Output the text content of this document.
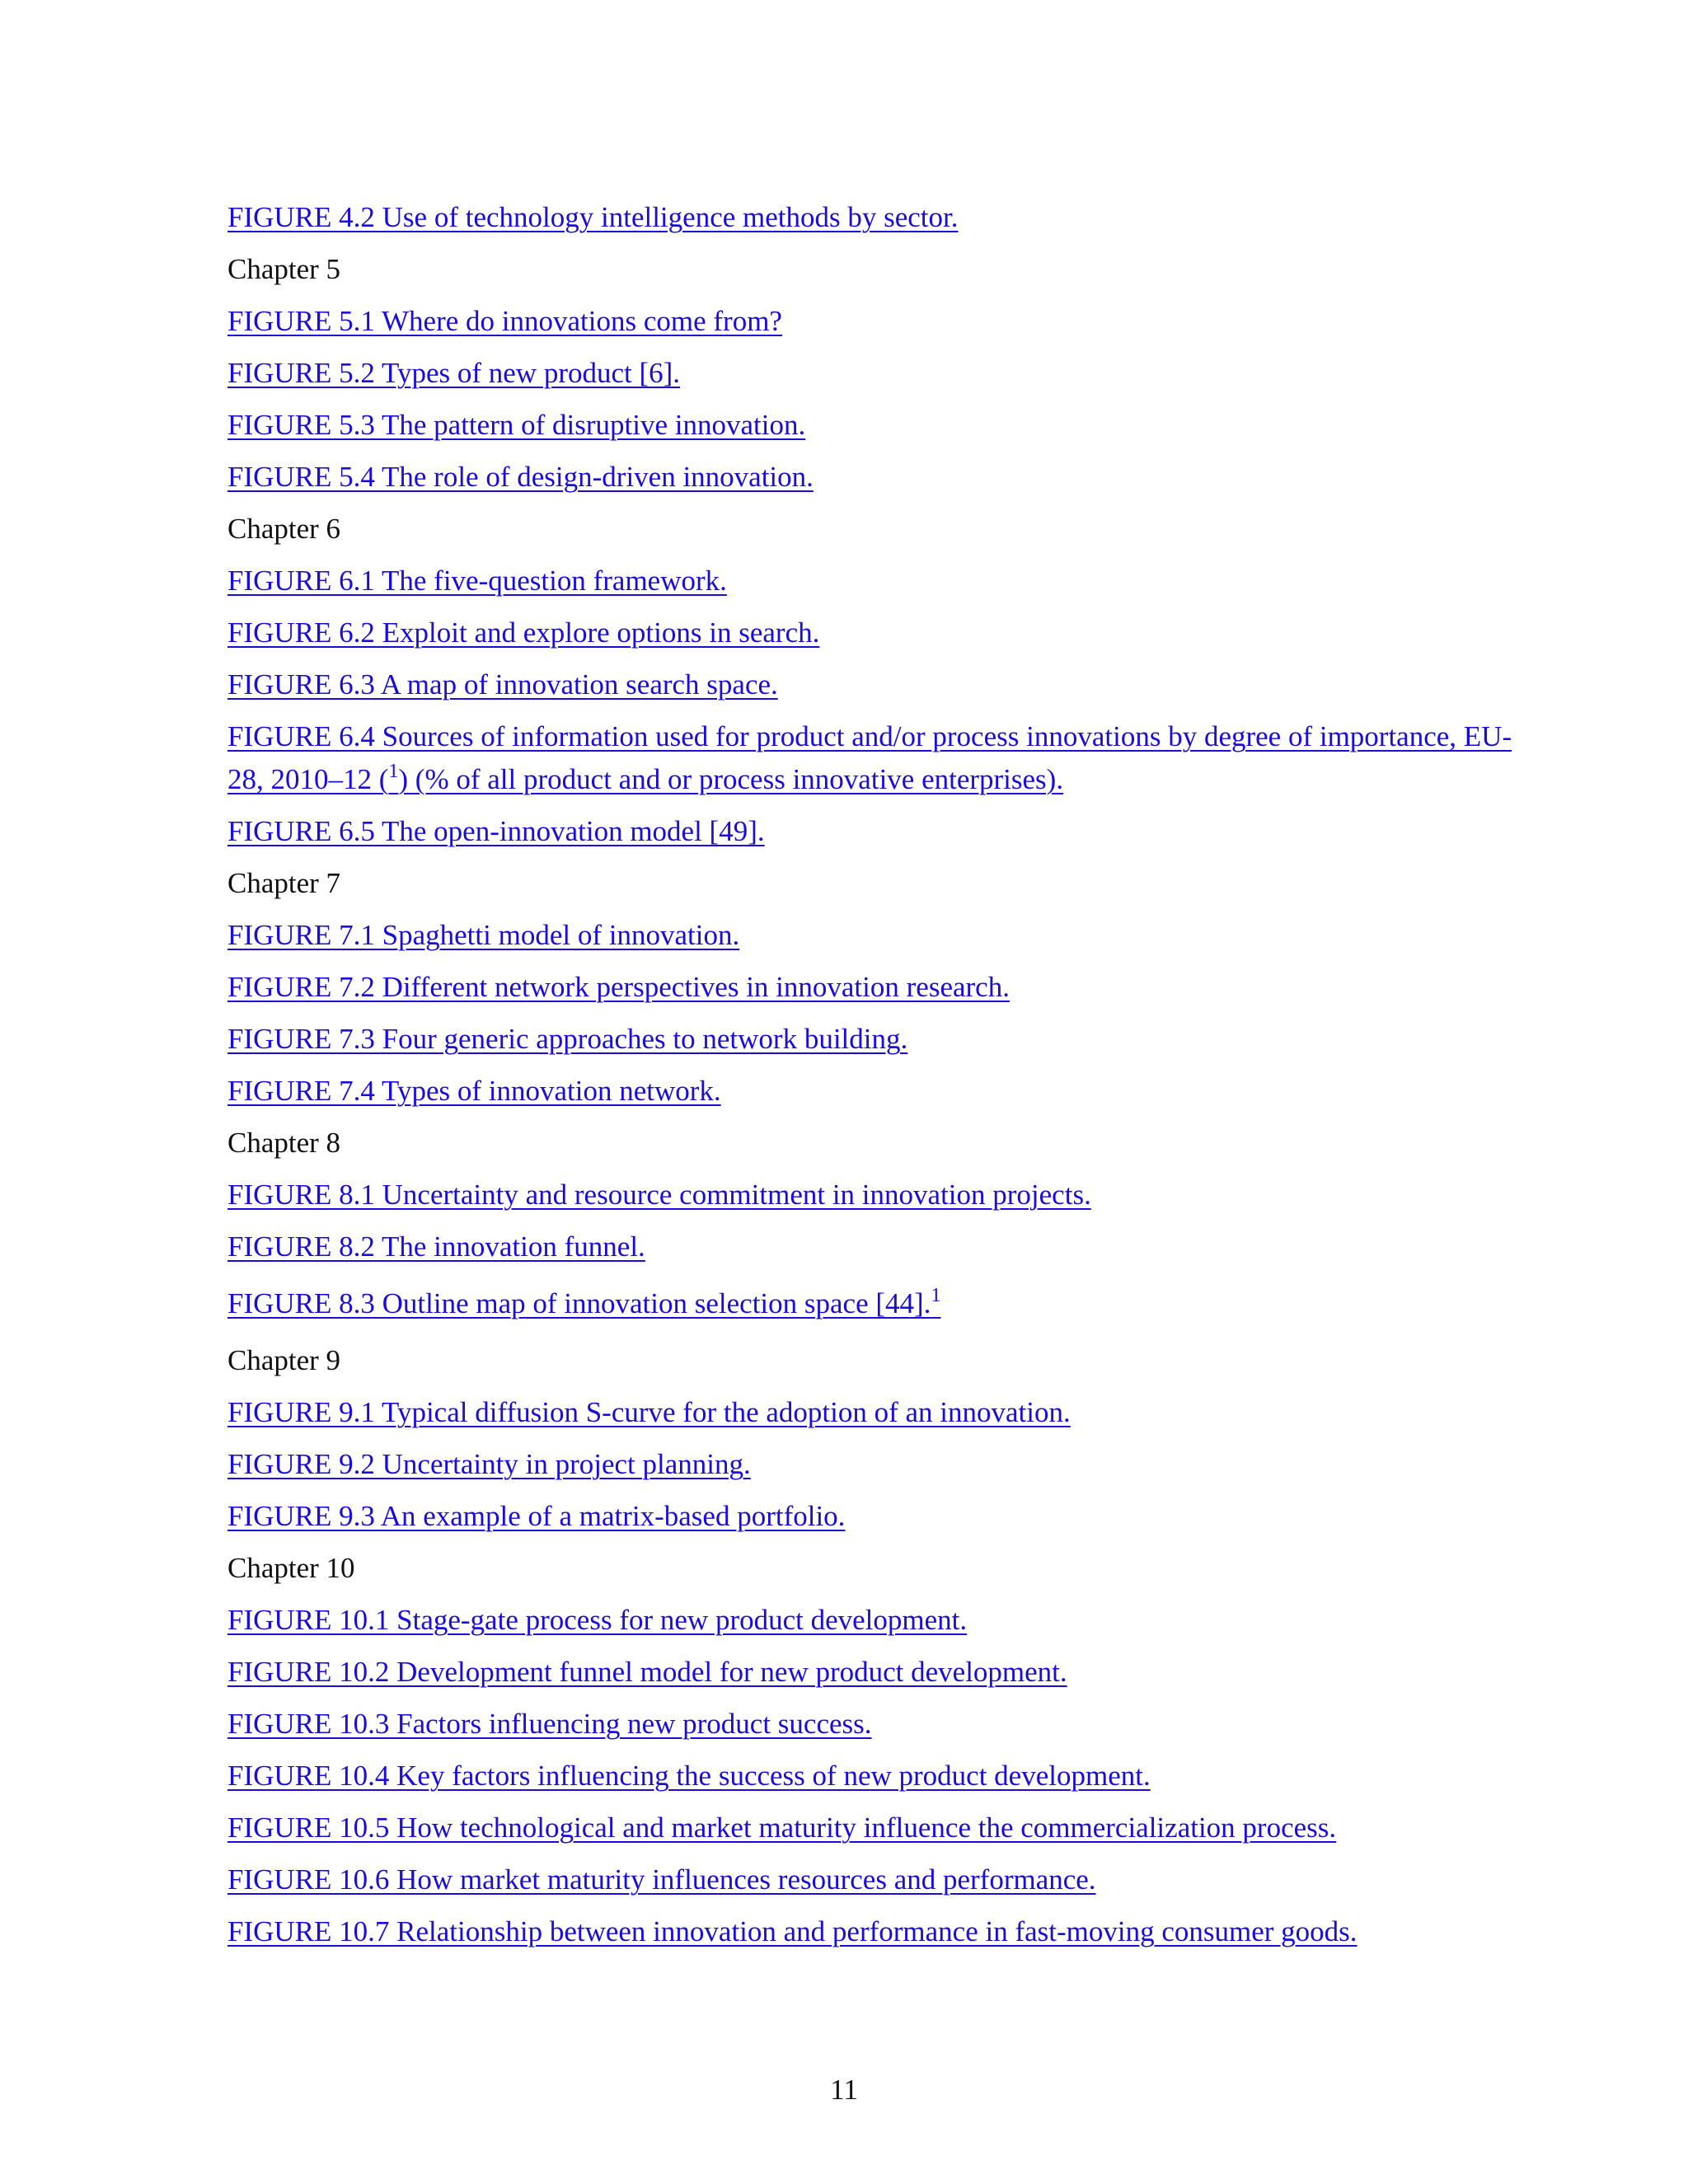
FIGURE 4.2 Use of technology intelligence methods by sector.
Chapter 5
FIGURE 5.1 Where do innovations come from?
FIGURE 5.2 Types of new product [6].
FIGURE 5.3 The pattern of disruptive innovation.
FIGURE 5.4 The role of design-driven innovation.
Chapter 6
FIGURE 6.1 The five-question framework.
FIGURE 6.2 Exploit and explore options in search.
FIGURE 6.3 A map of innovation search space.
FIGURE 6.4 Sources of information used for product and/or process innovations by degree of importance, EU-28, 2010–12 ($^1$) (% of all product and or process innovative enterprises).
FIGURE 6.5 The open-innovation model [49].
Chapter 7
FIGURE 7.1 Spaghetti model of innovation.
FIGURE 7.2 Different network perspectives in innovation research.
FIGURE 7.3 Four generic approaches to network building.
FIGURE 7.4 Types of innovation network.
Chapter 8
FIGURE 8.1 Uncertainty and resource commitment in innovation projects.
FIGURE 8.2 The innovation funnel.
FIGURE 8.3 Outline map of innovation selection space [44].$^1$
Chapter 9
FIGURE 9.1 Typical diffusion S-curve for the adoption of an innovation.
FIGURE 9.2 Uncertainty in project planning.
FIGURE 9.3 An example of a matrix-based portfolio.
Chapter 10
FIGURE 10.1 Stage-gate process for new product development.
FIGURE 10.2 Development funnel model for new product development.
FIGURE 10.3 Factors influencing new product success.
FIGURE 10.4 Key factors influencing the success of new product development.
FIGURE 10.5 How technological and market maturity influence the commercialization process.
FIGURE 10.6 How market maturity influences resources and performance.
FIGURE 10.7 Relationship between innovation and performance in fast-moving consumer goods.
11
